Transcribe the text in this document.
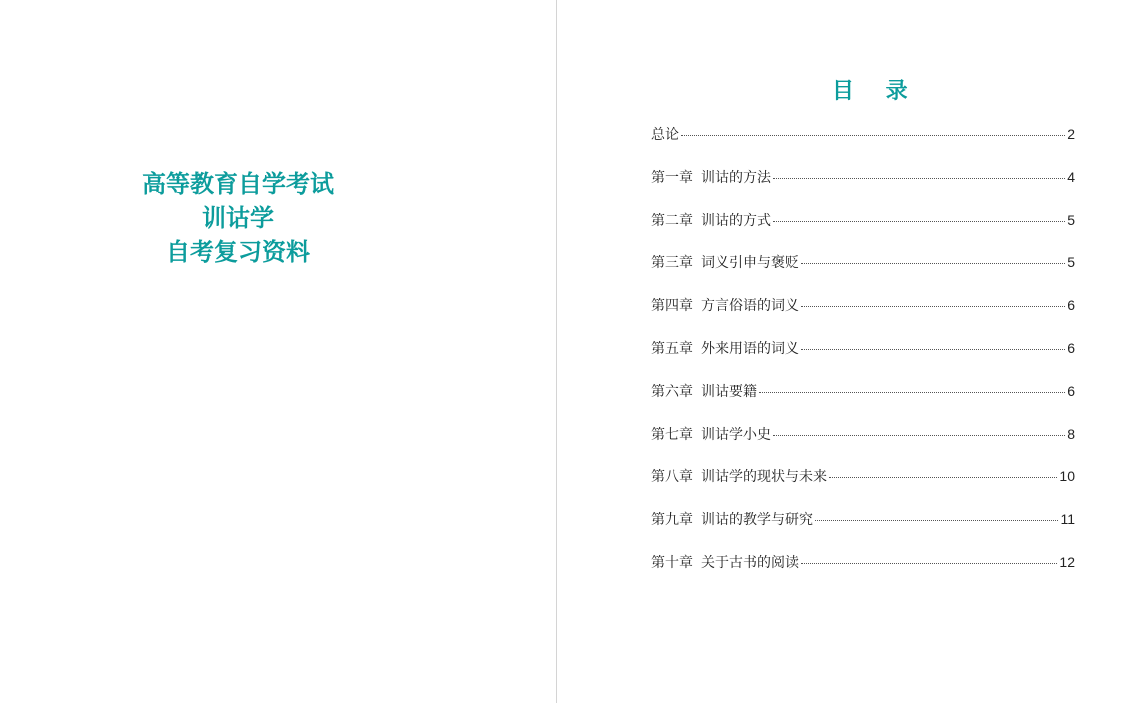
高等教育自学考试
训诂学
自考复习资料
目 录
总论	2
第一章 训诂的方法	4
第二章 训诂的方式	5
第三章 词义引申与褒贬	5
第四章 方言俗语的词义	6
第五章 外来用语的词义	6
第六章 训诂要籍	6
第七章 训诂学小史	8
第八章 训诂学的现状与未来	10
第九章 训诂的教学与研究	11
第十章 关于古书的阅读	12
